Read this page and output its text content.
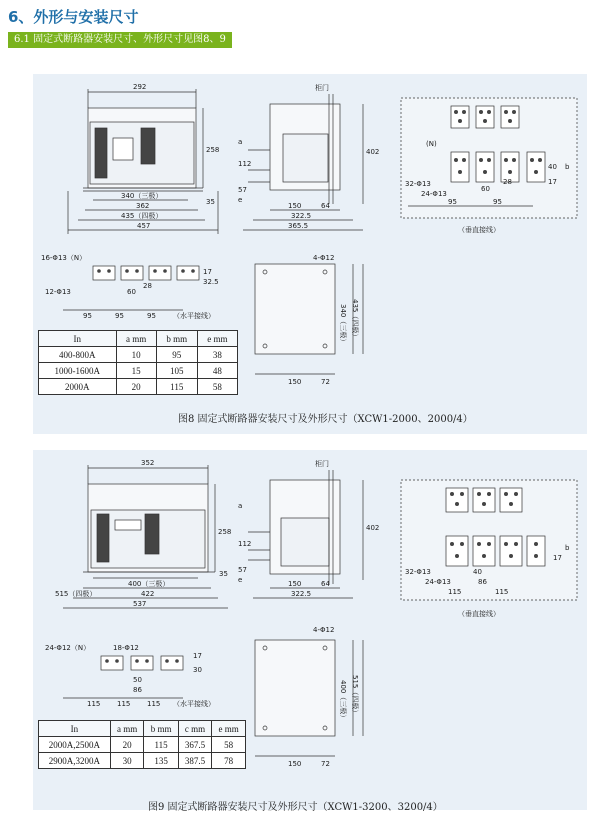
6、外形与安装尺寸
6.1 固定式断路器安装尺寸、外形尺寸见图8、9
292
258
340（三极）
362
435（四极）
457
35
柜门
a
112
57
e
150	64
322.5
365.5
402
(N)
32-Φ13
24-Φ13
95
60
95
28	17
40 b
（垂直接线）
16-Φ13（N）
12-Φ13	60
28
17
32.5
95	95	95 （水平接线）
4-Φ12
150	72
340（三极） 435（四极）
In	a mm	b mm	e mm
400-800A	10	95	38
1000-1600A	15	105	48
2000A	20	115	58
图8 固定式断路器安装尺寸及外形尺寸（XCW1-2000、2000/4）
352
258
400（三极）
422
515（四极）
537
35
柜门
a
112
57
e	150	64
322.5
402
32-Φ13
24-Φ13
40
86
115	115
17
b
（垂直接线）
24-Φ12（N）	18-Φ12
50
86
17
30
115 115 115 （水平接线）
4-Φ12
150	72
400（三极） 515（四极）
In	a mm	b mm	c mm	e mm
2000A,2500A	20	115	367.5	58
2900A,3200A	30	135	387.5	78
图9 固定式断路器安装尺寸及外形尺寸（XCW1-3200、3200/4）
